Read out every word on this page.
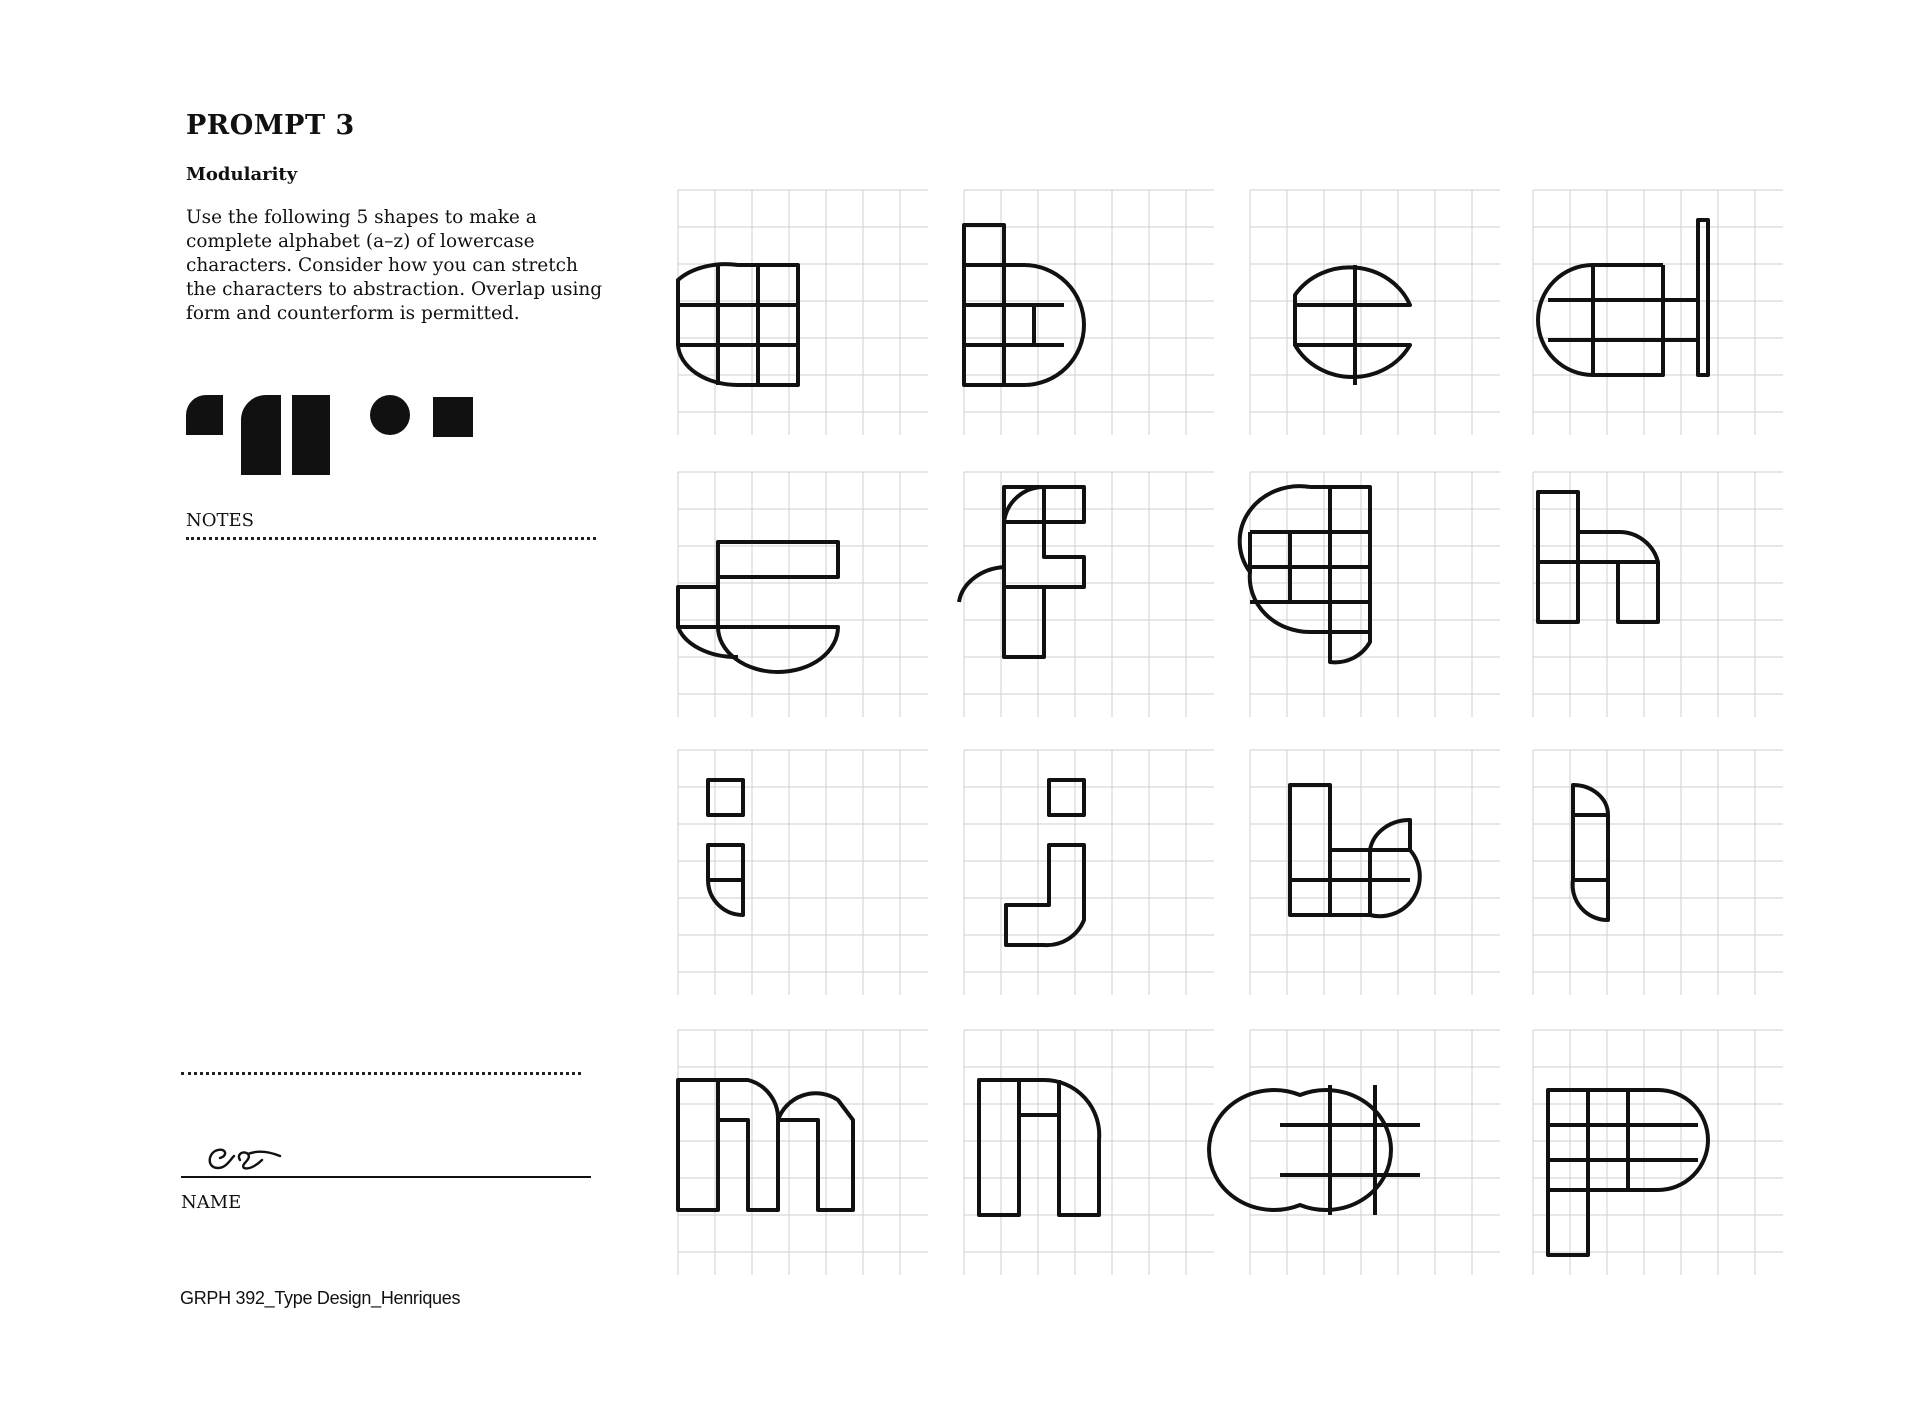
PROMPT 3
Modularity
Use the following 5 shapes to make a
complete alphabet (a–z) of lowercase
characters. Consider how you can stretch
the characters to abstraction. Overlap using
form and counterform is permitted.
NOTES
NAME
GRPH 392_Type Design_Henriques
